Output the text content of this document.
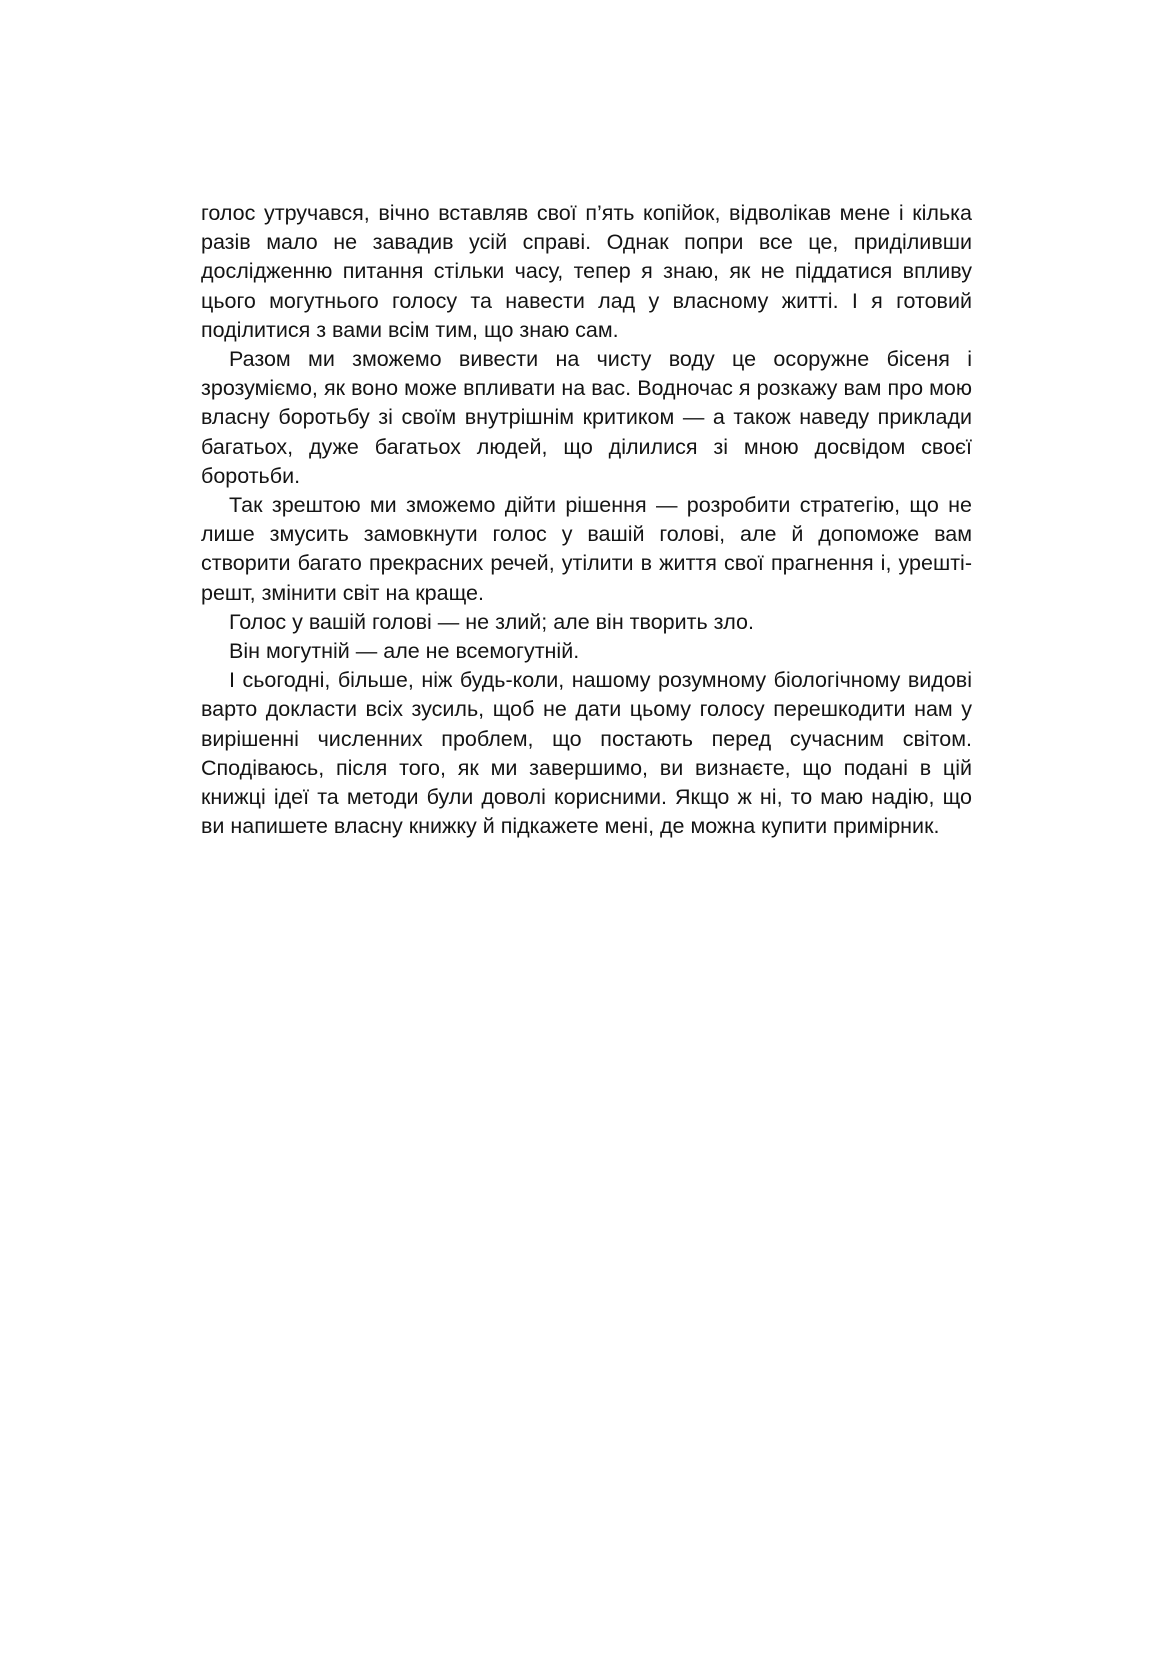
голос утручався, вічно вставляв свої п’ять копійок, відволікав мене і кілька разів мало не завадив усій справі. Однак попри все це, приділивши дослідженню питання стільки часу, тепер я знаю, як не піддатися впливу цього могутнього голосу та навести лад у власному житті. І я готовий поділитися з вами всім тим, що знаю сам.

Разом ми зможемо вивести на чисту воду це осоружне бісеня і зрозуміємо, як воно може впливати на вас. Водночас я розкажу вам про мою власну боротьбу зі своїм внутрішнім критиком — а також наведу приклади багатьох, дуже багатьох людей, що ділилися зі мною досвідом своєї боротьби.

Так зрештою ми зможемо дійти рішення — розробити стратегію, що не лише змусить замовкнути голос у вашій голові, але й допоможе вам створити багато прекрасних речей, утілити в життя свої прагнення і, урешті-решт, змінити світ на краще.

Голос у вашій голові — не злий; але він творить зло.

Він могутній — але не всемогутній.

І сьогодні, більше, ніж будь-коли, нашому розумному біологічному видові варто докласти всіх зусиль, щоб не дати цьому голосу перешкодити нам у вирішенні численних проблем, що постають перед сучасним світом. Сподіваюсь, після того, як ми завершимо, ви визнаєте, що подані в цій книжці ідеї та методи були доволі корисними. Якщо ж ні, то маю надію, що ви напишете власну книжку й підкажете мені, де можна купити примірник.
